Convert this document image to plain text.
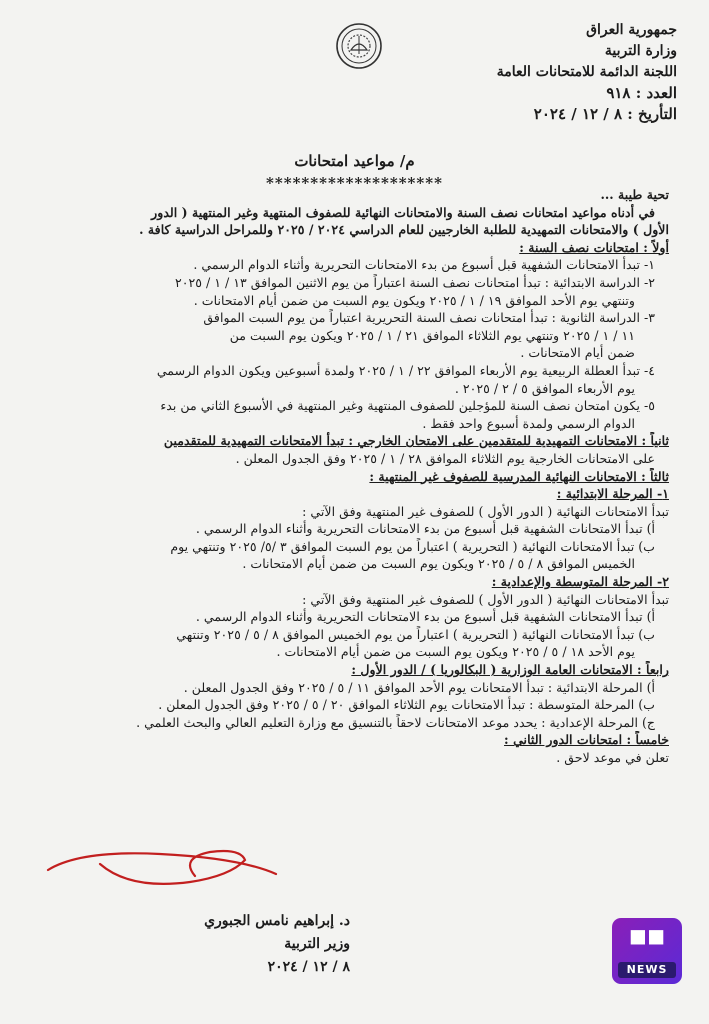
جمهورية العراق
وزارة التربية
اللجنة الدائمة للامتحانات العامة
العدد : ٩١٨
التأريخ : ٨ / ١٢ / ٢٠٢٤
م/ مواعيد امتحانات
********************
تحية طيبة ...
في أدناه مواعيد امتحانات نصف السنة والامتحانات النهائية للصفوف المنتهية وغير المنتهية ( الدور
الأول ) والامتحانات التمهيدية للطلبة الخارجيين للعام الدراسي ٢٠٢٤ / ٢٠٢٥ وللمراحل الدراسية كافة .
أولاً : امتحانات نصف السنة :
١- تبدأ الامتحانات الشفهية قبل أسبوع من بدء الامتحانات التحريرية وأثناء الدوام الرسمي .
٢- الدراسة الابتدائية : تبدأ امتحانات نصف السنة اعتباراً من يوم الاثنين الموافق ١٣ / ١ / ٢٠٢٥
وتنتهي يوم الأحد الموافق ١٩ / ١ / ٢٠٢٥ ويكون يوم السبت من ضمن أيام الامتحانات .
٣- الدراسة الثانوية : تبدأ امتحانات نصف السنة التحريرية اعتباراً من يوم السبت الموافق
١١ / ١ / ٢٠٢٥ وتنتهي يوم الثلاثاء الموافق ٢١ / ١ / ٢٠٢٥ ويكون يوم السبت من
ضمن أيام الامتحانات .
٤- تبدأ العطلة الربيعية يوم الأربعاء الموافق ٢٢ / ١ / ٢٠٢٥ ولمدة أسبوعين ويكون الدوام الرسمي
يوم الأربعاء الموافق ٥ / ٢ / ٢٠٢٥ .
٥- يكون امتحان نصف السنة للمؤجلين للصفوف المنتهية وغير المنتهية في الأسبوع الثاني من بدء
الدوام الرسمي ولمدة أسبوع واحد فقط .
ثانياً : الامتحانات التمهيدية للمتقدمين على الامتحان الخارجي : تبدأ الامتحانات التمهيدية للمتقدمين
على الامتحانات الخارجية يوم الثلاثاء الموافق ٢٨ / ١ / ٢٠٢٥ وفق الجدول المعلن .
ثالثاً : الامتحانات النهائية المدرسية للصفوف غير المنتهية :
١- المرحلة الابتدائية :
تبدأ الامتحانات النهائية ( الدور الأول ) للصفوف غير المنتهية وفق الآتي :
أ) تبدأ الامتحانات الشفهية قبل أسبوع من بدء الامتحانات التحريرية وأثناء الدوام الرسمي .
ب) تبدأ الامتحانات النهائية ( التحريرية ) اعتباراً من يوم السبت الموافق ٣ /٥/ ٢٠٢٥ وتنتهي يوم
الخميس الموافق ٨ / ٥ / ٢٠٢٥ ويكون يوم السبت من ضمن أيام الامتحانات .
٢- المرحلة المتوسطة والإعدادية :
تبدأ الامتحانات النهائية ( الدور الأول ) للصفوف غير المنتهية وفق الآتي :
أ) تبدأ الامتحانات الشفهية قبل أسبوع من بدء الامتحانات التحريرية وأثناء الدوام الرسمي .
ب) تبدأ الامتحانات النهائية ( التحريرية ) اعتباراً من يوم الخميس الموافق ٨ / ٥ / ٢٠٢٥ وتنتهي
يوم الأحد ١٨ / ٥ / ٢٠٢٥ ويكون يوم السبت من ضمن أيام الامتحانات .
رابعاً : الامتحانات العامة الوزارية ( البكالوريا ) / الدور الأول :
أ) المرحلة الابتدائية : تبدأ الامتحانات يوم الأحد الموافق ١١ / ٥ / ٢٠٢٥ وفق الجدول المعلن .
ب) المرحلة المتوسطة : تبدأ الامتحانات يوم الثلاثاء الموافق ٢٠ / ٥ / ٢٠٢٥ وفق الجدول المعلن .
ج) المرحلة الإعدادية : يحدد موعد الامتحانات لاحقاً بالتنسيق مع وزارة التعليم العالي والبحث العلمي .
خامساً : امتحانات الدور الثاني :
تعلن في موعد لاحق .
د. إبراهيم نامس الجبوري
وزير التربية
٨ / ١٢ / ٢٠٢٤
◼◼
NEWS
